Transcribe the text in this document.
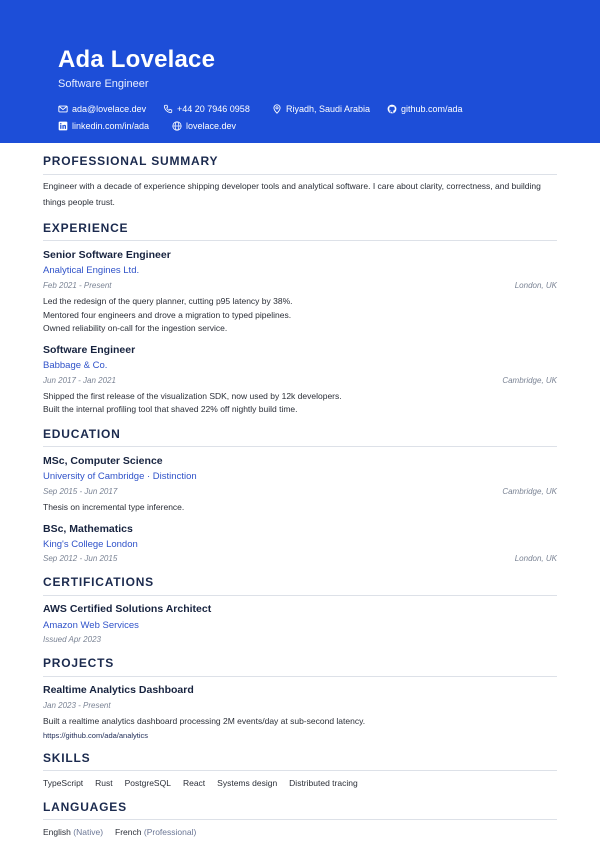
Ada Lovelace
Software Engineer
ada@lovelace.dev	+44 20 7946 0958	Riyadh, Saudi Arabia	github.com/ada
linkedin.com/in/ada	lovelace.dev
PROFESSIONAL SUMMARY
Engineer with a decade of experience shipping developer tools and analytical software. I care about clarity, correctness, and building things people trust.
EXPERIENCE
Senior Software Engineer
Analytical Engines Ltd.
Feb 2021 - Present	London, UK
Led the redesign of the query planner, cutting p95 latency by 38%.
Mentored four engineers and drove a migration to typed pipelines.
Owned reliability on-call for the ingestion service.
Software Engineer
Babbage & Co.
Jun 2017 - Jan 2021	Cambridge, UK
Shipped the first release of the visualization SDK, now used by 12k developers.
Built the internal profiling tool that shaved 22% off nightly build time.
EDUCATION
MSc, Computer Science
University of Cambridge · Distinction
Sep 2015 - Jun 2017	Cambridge, UK
Thesis on incremental type inference.
BSc, Mathematics
King's College London
Sep 2012 - Jun 2015	London, UK
CERTIFICATIONS
AWS Certified Solutions Architect
Amazon Web Services
Issued Apr 2023
PROJECTS
Realtime Analytics Dashboard
Jan 2023 - Present
Built a realtime analytics dashboard processing 2M events/day at sub-second latency.
https://github.com/ada/analytics
SKILLS
TypeScript Rust PostgreSQL React Systems design Distributed tracing
LANGUAGES
English (Native) French (Professional)
